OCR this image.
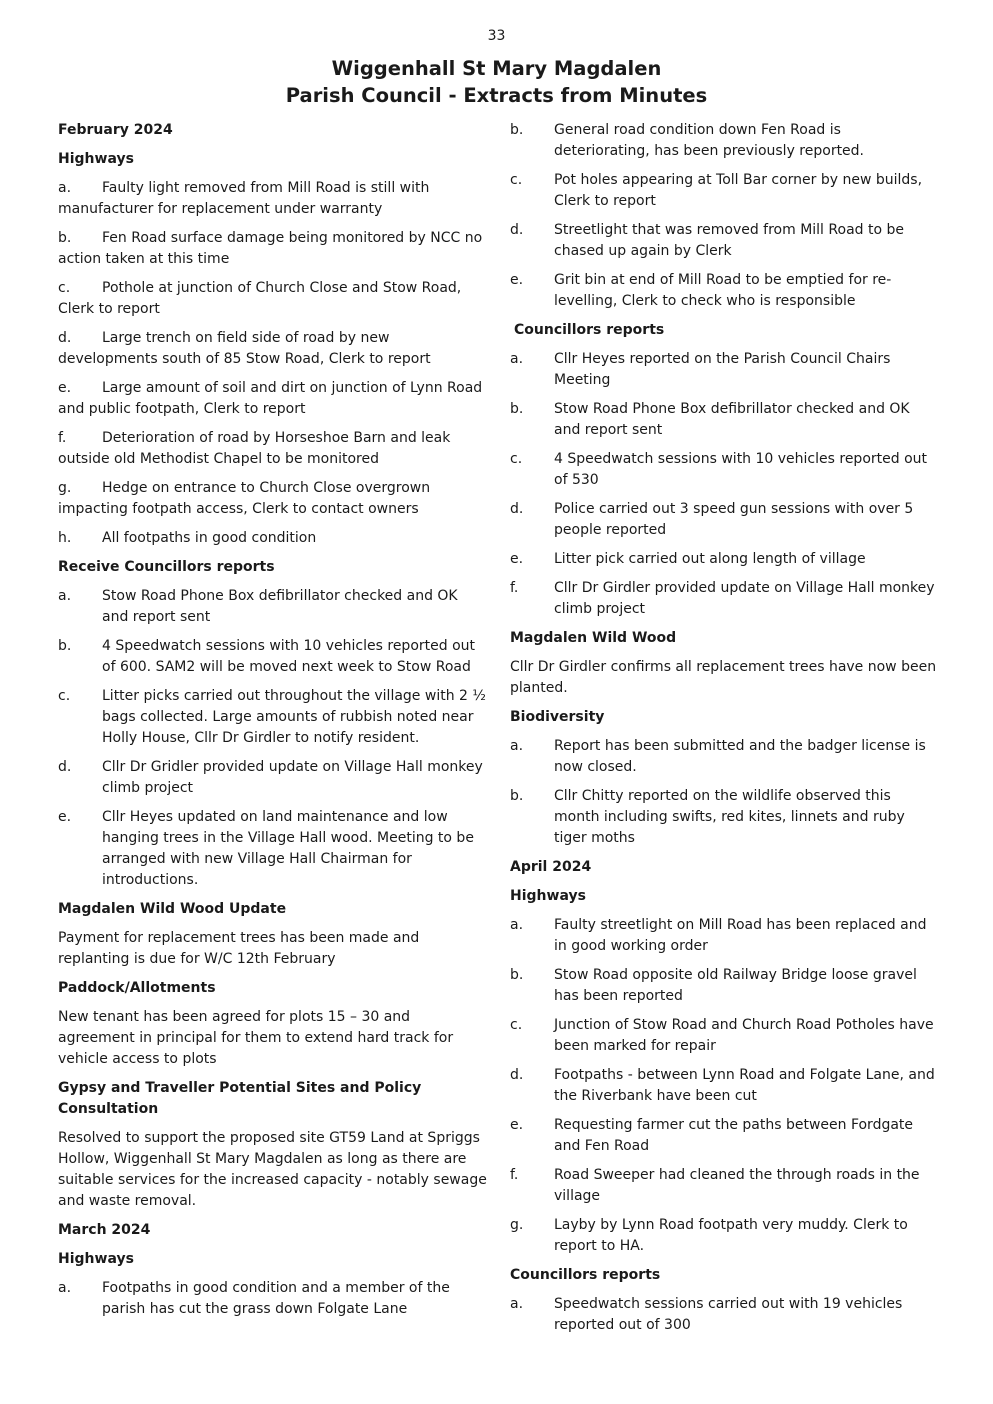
33
Wiggenhall St Mary Magdalen
Parish Council - Extracts from Minutes
February 2024
Highways
a. Faulty light removed from Mill Road is still with manufacturer for replacement under warranty
b. Fen Road surface damage being monitored by NCC no action taken at this time
c. Pothole at junction of Church Close and Stow Road, Clerk to report
d. Large trench on field side of road by new developments south of 85 Stow Road, Clerk to report
e. Large amount of soil and dirt on junction of Lynn Road and public footpath, Clerk to report
f.	Deterioration of road by Horseshoe Barn and leak outside old Methodist Chapel to be monitored
g. Hedge on entrance to Church Close overgrown impacting footpath access, Clerk to contact owners
h. All footpaths in good condition
Receive Councillors reports
a.	Stow Road Phone Box defibrillator checked and OK and report sent
b.	4 Speedwatch sessions with 10 vehicles reported out of 600. SAM2 will be moved next week to Stow Road
c.	Litter picks carried out throughout the village with 2 ½ bags collected. Large amounts of rubbish noted near Holly House, Cllr Dr Girdler to notify resident.
d.	Cllr Dr Gridler provided update on Village Hall monkey climb project
e.	Cllr Heyes updated on land maintenance and low hanging trees in the Village Hall wood. Meeting to be arranged with new Village Hall Chairman for introductions.
Magdalen Wild Wood Update
Payment for replacement trees has been made and replanting is due for W/C 12th February
Paddock/Allotments
New tenant has been agreed for plots 15 – 30 and agreement in principal for them to extend hard track for vehicle access to plots
Gypsy and Traveller Potential Sites and Policy Consultation
Resolved to support the proposed site GT59 Land at Spriggs Hollow, Wiggenhall St Mary Magdalen as long as there are suitable services for the increased capacity - notably sewage and waste removal.
March 2024
Highways
a.	Footpaths in good condition and a member of the parish has cut the grass down Folgate Lane
b.	General road condition down Fen Road is deteriorating, has been previously reported.
c.	Pot holes appearing at Toll Bar corner by new builds, Clerk to report
d.	Streetlight that was removed from Mill Road to be chased up again by Clerk
e.	Grit bin at end of Mill Road to be emptied for re-levelling, Clerk to check who is responsible
Councillors reports
a.	Cllr Heyes reported on the Parish Council Chairs Meeting
b.	Stow Road Phone Box defibrillator checked and OK and report sent
c.	4 Speedwatch sessions with 10 vehicles reported out of 530
d.	Police carried out 3 speed gun sessions with over 5 people reported
e.	Litter pick carried out along length of village
f.	Cllr Dr Girdler provided update on Village Hall monkey climb project
Magdalen Wild Wood
Cllr Dr Girdler confirms all replacement trees have now been planted.
Biodiversity
a.	Report has been submitted and the badger license is now closed.
b.	Cllr Chitty reported on the wildlife observed this month including swifts, red kites, linnets and ruby tiger moths
April 2024
Highways
a.	Faulty streetlight on Mill Road has been replaced and in good working order
b.	Stow Road opposite old Railway Bridge loose gravel has been reported
c.	Junction of Stow Road and Church Road Potholes have been marked for repair
d.	Footpaths - between Lynn Road and Folgate Lane, and the Riverbank have been cut
e.	Requesting farmer cut the paths between Fordgate and Fen Road
f.	Road Sweeper had cleaned the through roads in the village
g.	Layby by Lynn Road footpath very muddy. Clerk to report to HA.
Councillors reports
a.	Speedwatch sessions carried out with 19 vehicles reported out of 300
